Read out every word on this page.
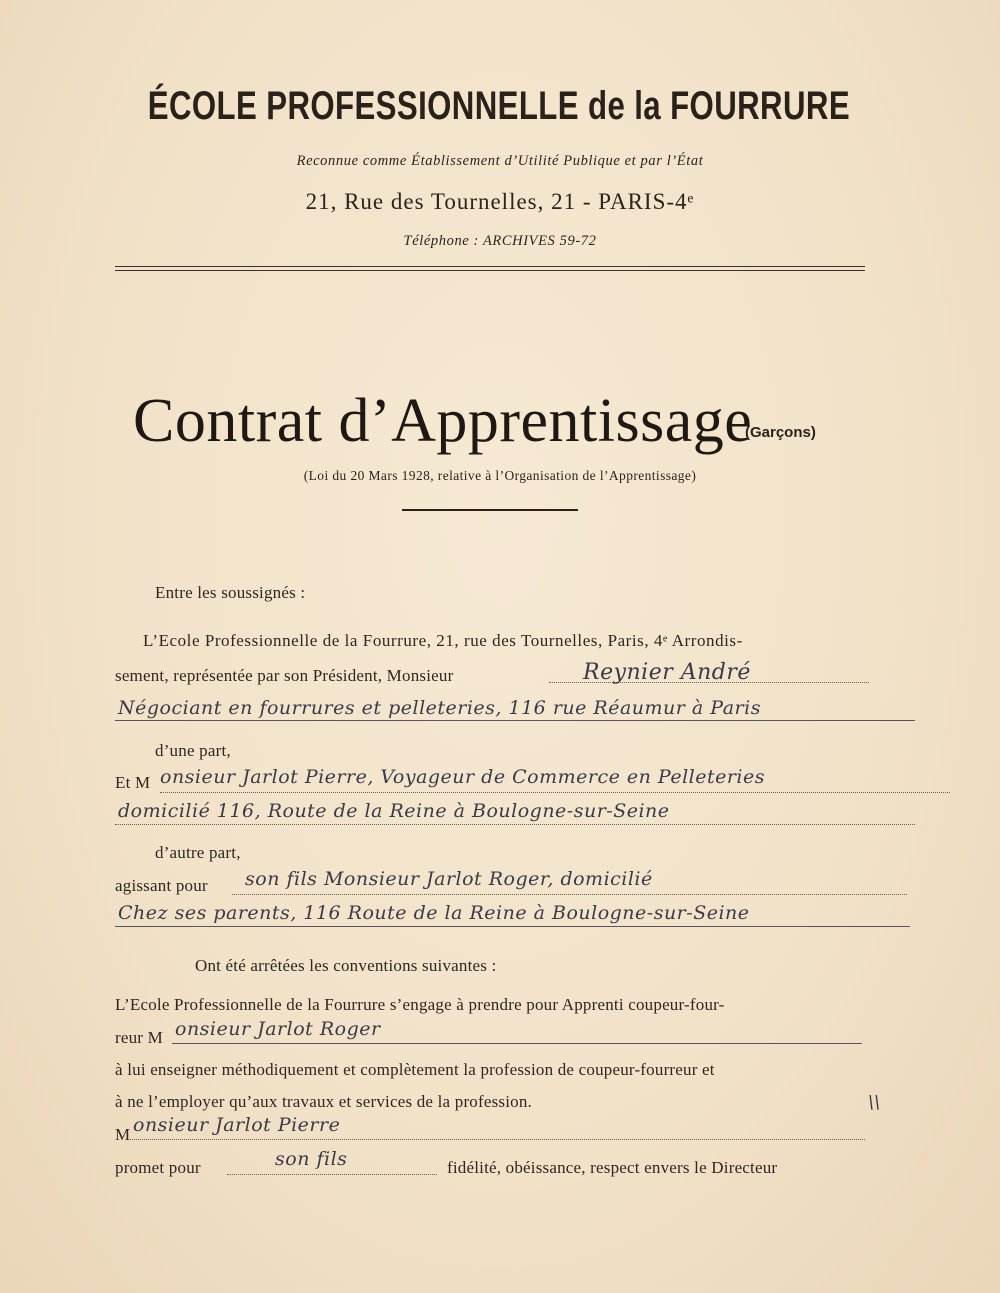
ÉCOLE PROFESSIONNELLE de la FOURRURE
Reconnue comme Établissement d’Utilité Publique et par l’État
21, Rue des Tournelles, 21 - PARIS-4ᵉ
Téléphone : ARCHIVES 59-72
Contrat d’Apprentissage
(Garçons)
(Loi du 20 Mars 1928, relative à l’Organisation de l’Apprentissage)
Entre les soussignés :
L’Ecole Professionnelle de la Fourrure, 21, rue des Tournelles, Paris, 4ᵉ Arrondis-
sement, représentée par son Président, Monsieur	Reynier André
Négociant en fourrures et pelleteries, 116 rue Réaumur à Paris
d’une part,
Et M onsieur Jarlot Pierre, Voyageur de Commerce en Pelleteries
domicilié 116, Route de la Reine à Boulogne-sur-Seine
d’autre part,
agissant pour son fils Monsieur Jarlot Roger, domicilié
Chez ses parents, 116 Route de la Reine à Boulogne-sur-Seine
Ont été arrêtées les conventions suivantes :
L’Ecole Professionnelle de la Fourrure s’engage à prendre pour Apprenti coupeur-four-
reur M onsieur Jarlot Roger
à lui enseigner méthodiquement et complètement la profession de coupeur-fourreur et
à ne l’employer qu’aux travaux et services de la profession.
M onsieur Jarlot Pierre
promet pour	son fils	fidélité, obéissance, respect envers le Directeur
\\
